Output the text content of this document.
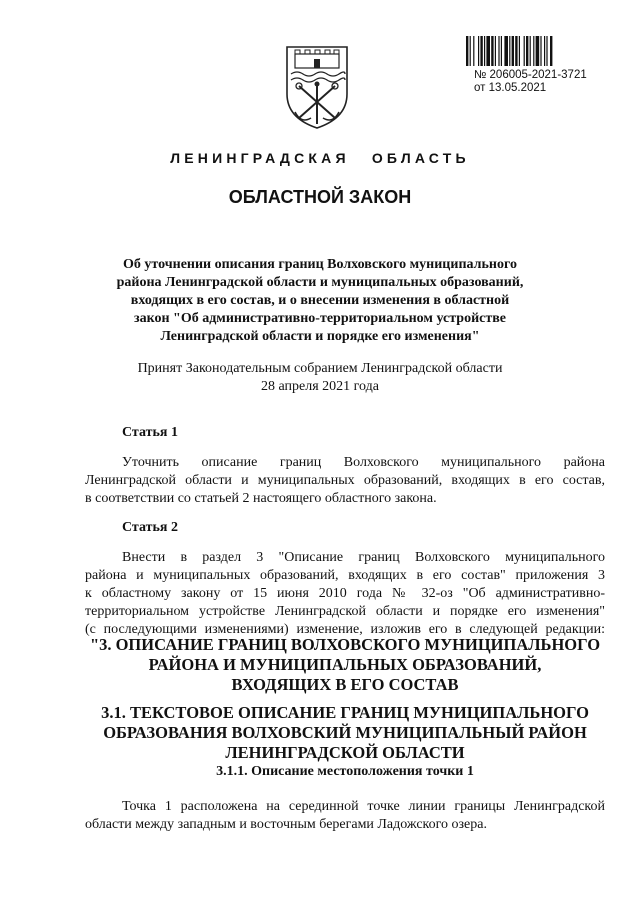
№ 206005-2021-3721
от 13.05.2021
ЛЕНИНГРАДСКАЯ ОБЛАСТЬ
ОБЛАСТНОЙ ЗАКОН
Об уточнении описания границ Волховского муниципального
района Ленинградской области и муниципальных образований,
входящих в его состав, и о внесении изменения в областной
закон "Об административно-территориальном устройстве
Ленинградской области и порядке его изменения"
Принят Законодательным собранием Ленинградской области
28 апреля 2021 года
Статья 1
Уточнить описание границ Волховского муниципального района
Ленинградской области и муниципальных образований, входящих в его состав,
в соответствии со статьей 2 настоящего областного закона.
Статья 2
Внести в раздел 3 "Описание границ Волховского муниципального
района и муниципальных образований, входящих в его состав" приложения 3
к областному закону от 15 июня 2010 года № 32-оз "Об административно-
территориальном устройстве Ленинградской области и порядке его изменения"
(с последующими изменениями) изменение, изложив его в следующей редакции:
"3. ОПИСАНИЕ ГРАНИЦ ВОЛХОВСКОГО МУНИЦИПАЛЬНОГО
РАЙОНА И МУНИЦИПАЛЬНЫХ ОБРАЗОВАНИЙ,
ВХОДЯЩИХ В ЕГО СОСТАВ
3.1. ТЕКСТОВОЕ ОПИСАНИЕ ГРАНИЦ МУНИЦИПАЛЬНОГО
ОБРАЗОВАНИЯ ВОЛХОВСКИЙ МУНИЦИПАЛЬНЫЙ РАЙОН
ЛЕНИНГРАДСКОЙ ОБЛАСТИ
3.1.1. Описание местоположения точки 1
Точка 1 расположена на серединной точке линии границы Ленинградской
области между западным и восточным берегами Ладожского озера.
